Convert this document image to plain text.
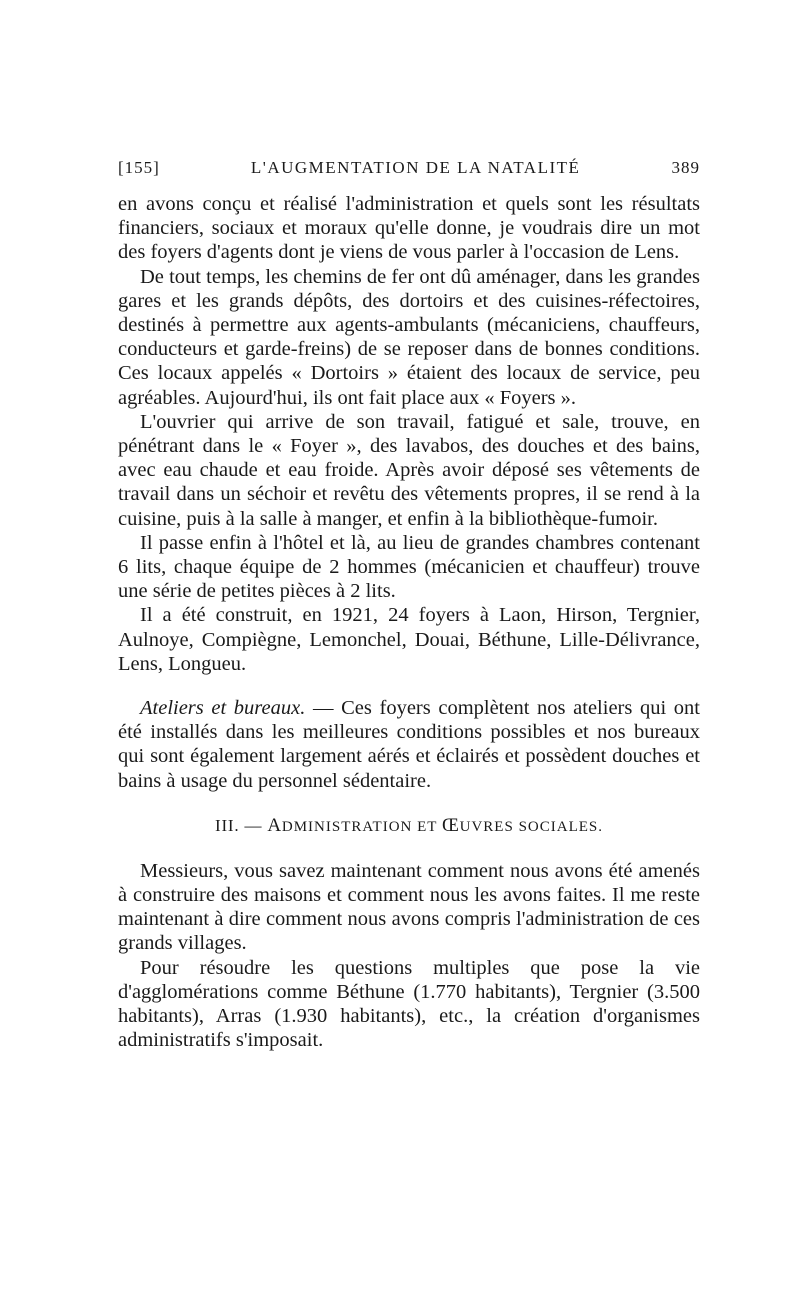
[155]	L'AUGMENTATION DE LA NATALITÉ	389

en avons conçu et réalisé l'administration et quels sont les résultats financiers, sociaux et moraux qu'elle donne, je voudrais dire un mot des foyers d'agents dont je viens de vous parler à l'occasion de Lens.

De tout temps, les chemins de fer ont dû aménager, dans les grandes gares et les grands dépôts, des dortoirs et des cuisines-réfectoires, destinés à permettre aux agents-ambulants (mécaniciens, chauffeurs, conducteurs et garde-freins) de se reposer dans de bonnes conditions. Ces locaux appelés « Dortoirs » étaient des locaux de service, peu agréables. Aujourd'hui, ils ont fait place aux « Foyers ».

L'ouvrier qui arrive de son travail, fatigué et sale, trouve, en pénétrant dans le « Foyer », des lavabos, des douches et des bains, avec eau chaude et eau froide. Après avoir déposé ses vêtements de travail dans un séchoir et revêtu des vêtements propres, il se rend à la cuisine, puis à la salle à manger, et enfin à la bibliothèque-fumoir.

Il passe enfin à l'hôtel et là, au lieu de grandes chambres contenant 6 lits, chaque équipe de 2 hommes (mécanicien et chauffeur) trouve une série de petites pièces à 2 lits.

Il a été construit, en 1921, 24 foyers à Laon, Hirson, Tergnier, Aulnoye, Compiègne, Lemonchel, Douai, Béthune, Lille-Délivrance, Lens, Longueu.

Ateliers et bureaux. — Ces foyers complètent nos ateliers qui ont été installés dans les meilleures conditions possibles et nos bureaux qui sont également largement aérés et éclairés et possèdent douches et bains à usage du personnel sédentaire.

III. — ADMINISTRATION ET ŒUVRES SOCIALES.

Messieurs, vous savez maintenant comment nous avons été amenés à construire des maisons et comment nous les avons faites. Il me reste maintenant à dire comment nous avons compris l'administration de ces grands villages.

Pour résoudre les questions multiples que pose la vie d'agglomérations comme Béthune (1.770 habitants), Tergnier (3.500 habitants), Arras (1.930 habitants), etc., la création d'organismes administratifs s'imposait.
